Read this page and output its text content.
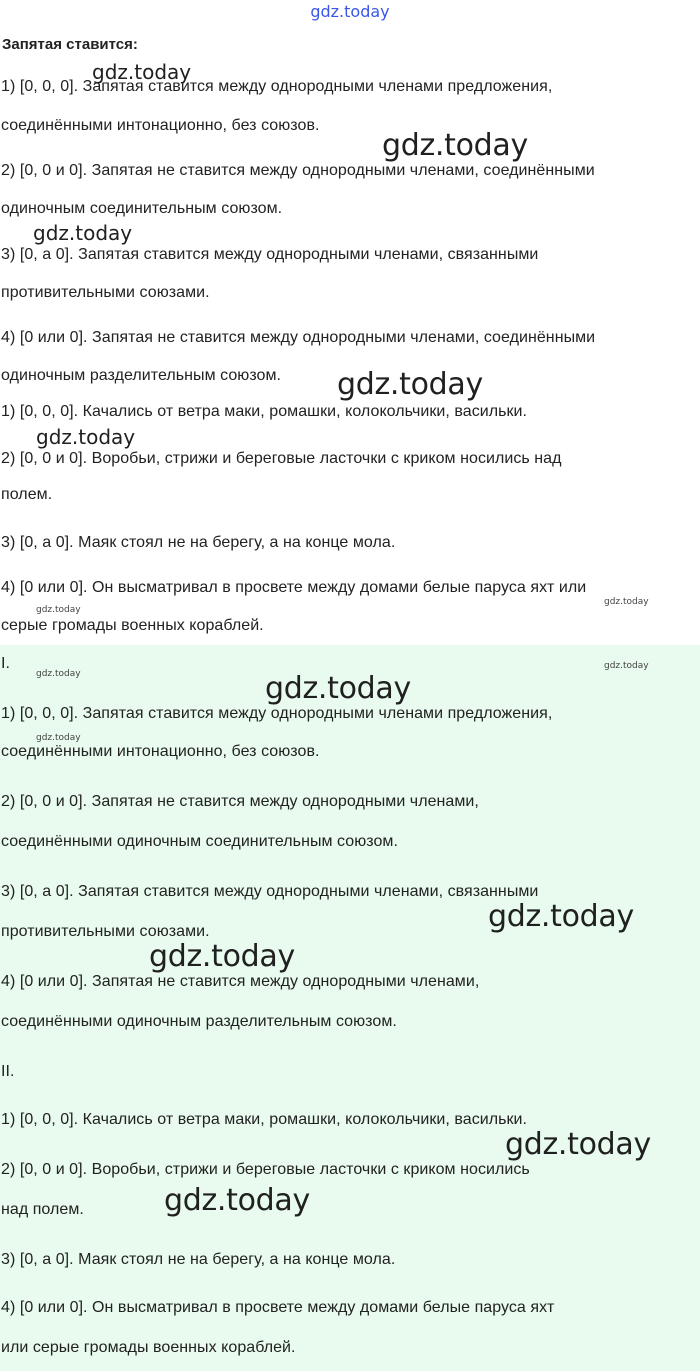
gdz.today
Запятая ставится:
1) [0, 0, 0]. Запятая ставится между однородными членами предложения,
соединёнными интонационно, без союзов.
2) [0, 0 и 0]. Запятая не ставится между однородными членами, соединёнными
одиночным соединительным союзом.
3) [0, а 0]. Запятая ставится между однородными членами, связанными
противительными союзами.
4) [0 или 0]. Запятая не ставится между однородными членами, соединёнными
одиночным разделительным союзом.
1) [0, 0, 0]. Качались от ветра маки, ромашки, колокольчики, васильки.
2) [0, 0 и 0]. Воробьи, стрижи и береговые ласточки с криком носились над
полем.
3) [0, а 0]. Маяк стоял не на берегу, а на конце мола.
4) [0 или 0]. Он высматривал в просвете между домами белые паруса яхт или
серые громады военных кораблей.
I.
1) [0, 0, 0]. Запятая ставится между однородными членами предложения,
соединёнными интонационно, без союзов.
2) [0, 0 и 0]. Запятая не ставится между однородными членами,
соединёнными одиночным соединительным союзом.
3) [0, а 0]. Запятая ставится между однородными членами, связанными
противительными союзами.
4) [0 или 0]. Запятая не ставится между однородными членами,
соединёнными одиночным разделительным союзом.
II.
1) [0, 0, 0]. Качались от ветра маки, ромашки, колокольчики, васильки.
2) [0, 0 и 0]. Воробьи, стрижи и береговые ласточки с криком носились
над полем.
3) [0, а 0]. Маяк стоял не на берегу, а на конце мола.
4) [0 или 0]. Он высматривал в просвете между домами белые паруса яхт
или серые громады военных кораблей.
gdz.today
gdz.today
gdz.today
gdz.today
gdz.today
gdz.today
gdz.today
gdz.today
gdz.today
gdz.today
gdz.today
gdz.today
gdz.today
gdz.today
gdz.today
